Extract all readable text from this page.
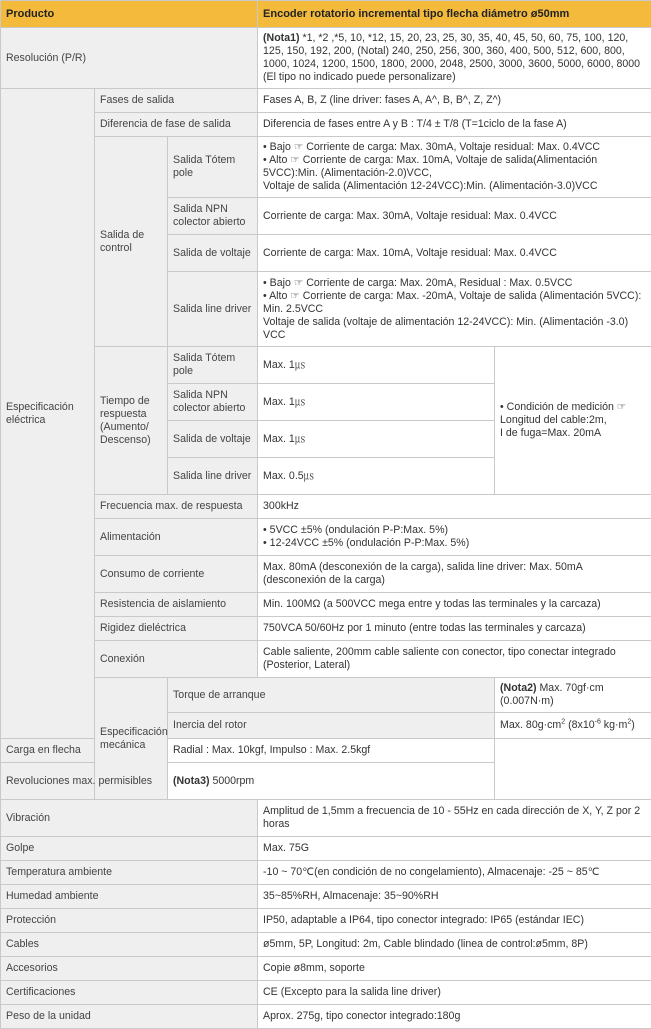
Producto			Encoder rotatorio incremental tipo flecha diámetro ø50mm	
Resolución (P/R)			(Nota1) *1, *2 ,*5, 10, *12, 15, 20, 23, 25, 30, 35, 40, 45, 50, 60, 75, 100, 120, 125, 150, 192, 200, (Notal) 240, 250, 256, 300, 360, 400, 500, 512, 600, 800, 1000, 1024, 1200, 1500, 1800, 2000, 2048, 2500, 3000, 3600, 5000, 6000, 8000 (El tipo no indicado puede personalizare)	
Especificación eléctrica	Fases de salida		Fases A, B, Z (line driver: fases A, A^, B, B^, Z, Z^)	
	Diferencia de fase de salida		Diferencia de fases entre A y B : T/4 ± T/8 (T=1ciclo de la fase A)	
	Salida de control	Salida Tótem pole	• Bajo ☞ Corriente de carga: Max. 30mA, Voltaje residual: Max. 0.4VCC
• Alto ☞ Corriente de carga: Max. 10mA, Voltaje de salida(Alimentación 5VCC):Min. (Alimentación-2.0)VCC,
Voltaje de salida (Alimentación 12-24VCC):Min. (Alimentación-3.0)VCC	
		Salida NPN colector abierto	Corriente de carga: Max. 30mA, Voltaje residual: Max. 0.4VCC	
		Salida de voltaje	Corriente de carga: Max. 10mA, Voltaje residual: Max. 0.4VCC	
		Salida line driver	• Bajo ☞ Corriente de carga: Max. 20mA, Residual : Max. 0.5VCC
• Alto ☞ Corriente de carga: Max. -20mA, Voltaje de salida (Alimentación 5VCC): Min. 2.5VCC
Voltaje de salida (voltaje de alimentación 12-24VCC): Min. (Alimentación -3.0) VCC	
	Tiempo de respuesta (Aumento/ Descenso)	Salida Tótem pole	Max. 1㎲	• Condición de medición ☞
Longitud del cable:2m,
I de fuga=Max. 20mA
		Salida NPN colector abierto	Max. 1㎲	
		Salida de voltaje	Max. 1㎲	
		Salida line driver	Max. 0.5㎲	
	Frecuencia max. de respuesta		300kHz	
	Alimentación		• 5VCC ±5% (ondulación P-P:Max. 5%)
• 12-24VCC ±5% (ondulación P-P:Max. 5%)	
	Consumo de corriente		Max. 80mA (desconexión de la carga), salida line driver: Max. 50mA (desconexión de la carga)	
	Resistencia de aislamiento		Min. 100MΩ (a 500VCC mega entre y todas las terminales y la carcaza)	
	Rigidez dieléctrica		750VCA 50/60Hz por 1 minuto (entre todas las terminales y carcaza)	
	Conexión		Cable saliente, 200mm cable saliente con conector, tipo conectar integrado (Posterior, Lateral)	
	Especificación mecánica	Torque de arranque		(Nota2) Max. 70gf·cm (0.007N·m)
		Inercia del rotor		Max. $80g\cdot cm^2$ ($8x10^{-6}$ $kg\cdot m^2$)
Carga en flecha		Radial : Max. 10kgf, Impulso : Max. 2.5kgf		
Revoluciones max. permisibles		(Nota3) 5000rpm		
Vibración			Amplitud de 1,5mm a frecuencia de 10 - 55Hz en cada dirección de X, Y, Z por 2 horas	
Golpe			Max. 75G	
Temperatura ambiente			-10 ~ 70℃(en condición de no congelamiento), Almacenaje: -25 ~ 85℃	
Humedad ambiente			35~85%RH, Almacenaje: 35~90%RH	
Protección			IP50, adaptable a IP64, tipo conector integrado: IP65 (estándar IEC)	
Cables			ø5mm, 5P, Longitud: 2m, Cable blindado (linea de control:ø5mm, 8P)	
Accesorios			Copie ø8mm, soporte	
Certificaciones			CE (Excepto para la salida line driver)	
Peso de la unidad			Aprox. 275g, tipo conector integrado:180g	
